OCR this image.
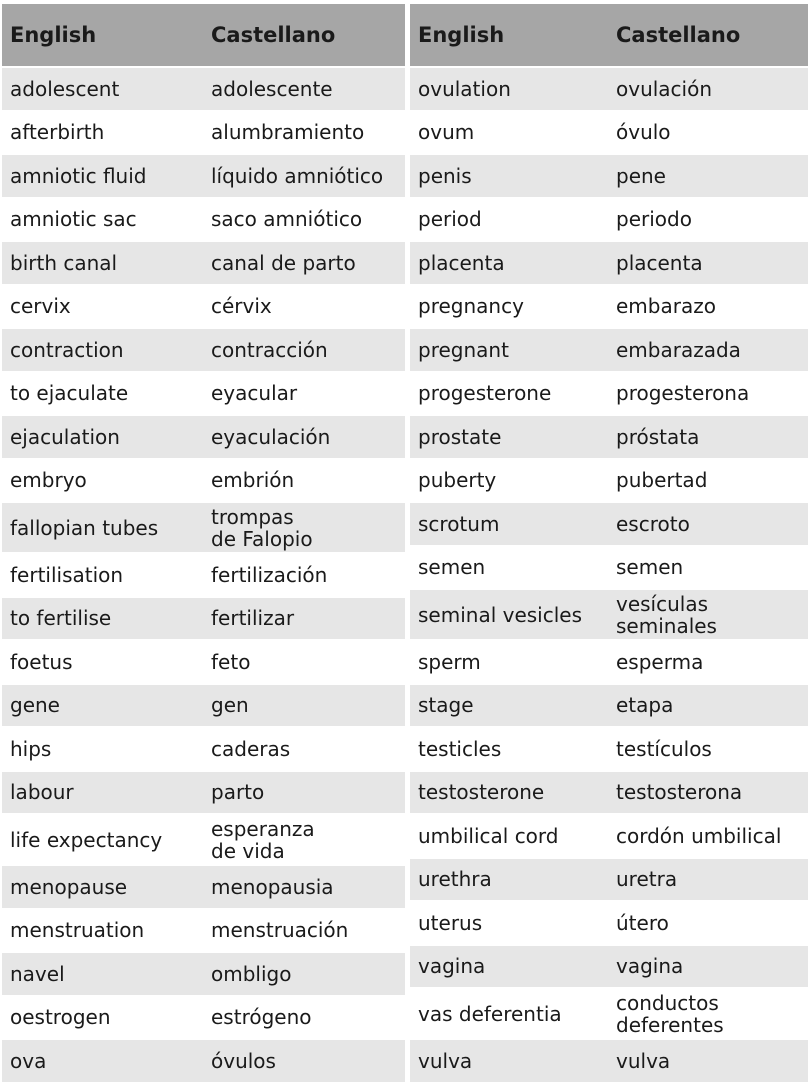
English	Castellano
adolescent	adolescente
afterbirth	alumbramiento
amniotic fluid	líquido amniótico
amniotic sac	saco amniótico
birth canal	canal de parto
cervix	cérvix
contraction	contracción
to ejaculate	eyacular
ejaculation	eyaculación
embryo	embrión
fallopian tubes	trompas
de Falopio
fertilisation	fertilización
to fertilise	fertilizar
foetus	feto
gene	gen
hips	caderas
labour	parto
life expectancy	esperanza
de vida
menopause	menopausia
menstruation	menstruación
navel	ombligo
oestrogen	estrógeno
ova	óvulos
English	Castellano
ovulation	ovulación
ovum	óvulo
penis	pene
period	periodo
placenta	placenta
pregnancy	embarazo
pregnant	embarazada
progesterone	progesterona
prostate	próstata
puberty	pubertad
scrotum	escroto
semen	semen
seminal vesicles	vesículas
seminales
sperm	esperma
stage	etapa
testicles	testículos
testosterone	testosterona
umbilical cord	cordón umbilical
urethra	uretra
uterus	útero
vagina	vagina
vas deferentia	conductos
deferentes
vulva	vulva
